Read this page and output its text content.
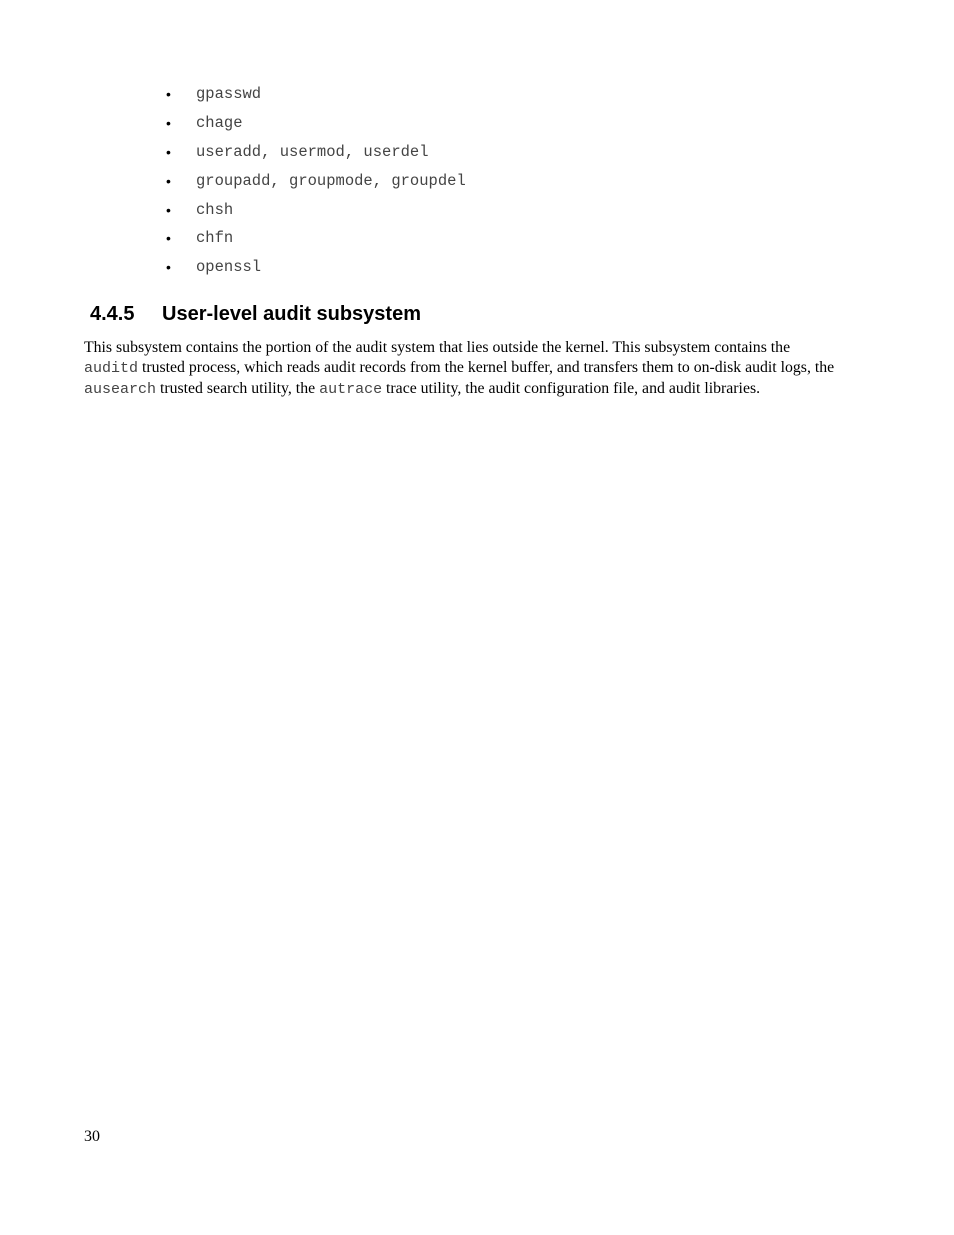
•	gpasswd
•	chage
•	useradd, usermod, userdel
•	groupadd, groupmode, groupdel
•	chsh
•	chfn
•	openssl
4.4.5 User-level audit subsystem

This subsystem contains the portion of the audit system that lies outside the kernel. This subsystem contains the auditd trusted process, which reads audit records from the kernel buffer, and transfers them to on-disk audit logs, the ausearch trusted search utility, the autrace trace utility, the audit configuration file, and audit libraries.

30
